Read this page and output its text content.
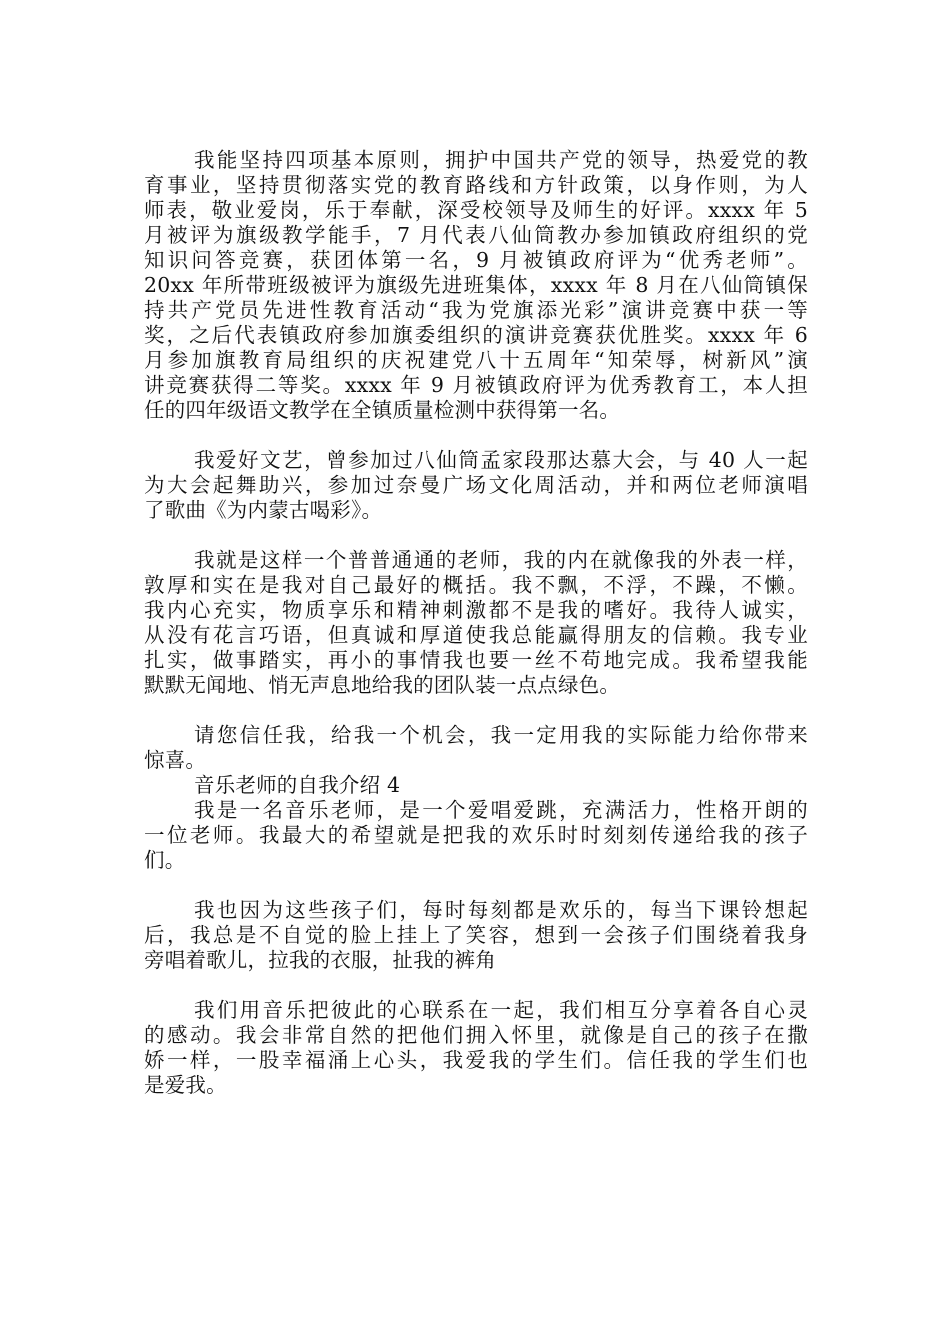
我能坚持四项基本原则，拥护中国共产党的领导，热爱党的教
育事业，坚持贯彻落实党的教育路线和方针政策，以身作则，为人
师表，敬业爱岗，乐于奉献，深受校领导及师生的好评。xxxx 年 5
月被评为旗级教学能手，7 月代表八仙筒教办参加镇政府组织的党
知识问答竞赛，获团体第一名，9 月被镇政府评为“优秀老师”。
20xx 年所带班级被评为旗级先进班集体，xxxx 年 8 月在八仙筒镇保
持共产党员先进性教育活动“我为党旗添光彩”演讲竞赛中获一等
奖，之后代表镇政府参加旗委组织的演讲竞赛获优胜奖。xxxx 年 6
月参加旗教育局组织的庆祝建党八十五周年“知荣辱，树新风”演
讲竞赛获得二等奖。xxxx 年 9 月被镇政府评为优秀教育工，本人担
任的四年级语文教学在全镇质量检测中获得第一名。
我爱好文艺，曾参加过八仙筒孟家段那达慕大会，与 40 人一起
为大会起舞助兴，参加过奈曼广场文化周活动，并和两位老师演唱
了歌曲《为内蒙古喝彩》。
我就是这样一个普普通通的老师，我的内在就像我的外表一样，
敦厚和实在是我对自己最好的概括。我不飘，不浮，不躁，不懒。
我内心充实，物质享乐和精神刺激都不是我的嗜好。我待人诚实，
从没有花言巧语，但真诚和厚道使我总能赢得朋友的信赖。我专业
扎实，做事踏实，再小的事情我也要一丝不苟地完成。我希望我能
默默无闻地、悄无声息地给我的团队装一点点绿色。
请您信任我，给我一个机会，我一定用我的实际能力给你带来
惊喜。
音乐老师的自我介绍 4
我是一名音乐老师，是一个爱唱爱跳，充满活力，性格开朗的
一位老师。我最大的希望就是把我的欢乐时时刻刻传递给我的孩子
们。
我也因为这些孩子们，每时每刻都是欢乐的，每当下课铃想起
后，我总是不自觉的脸上挂上了笑容，想到一会孩子们围绕着我身
旁唱着歌儿，拉我的衣服，扯我的裤角
我们用音乐把彼此的心联系在一起，我们相互分享着各自心灵
的感动。我会非常自然的把他们拥入怀里，就像是自己的孩子在撒
娇一样，一股幸福涌上心头，我爱我的学生们。信任我的学生们也
是爱我。
